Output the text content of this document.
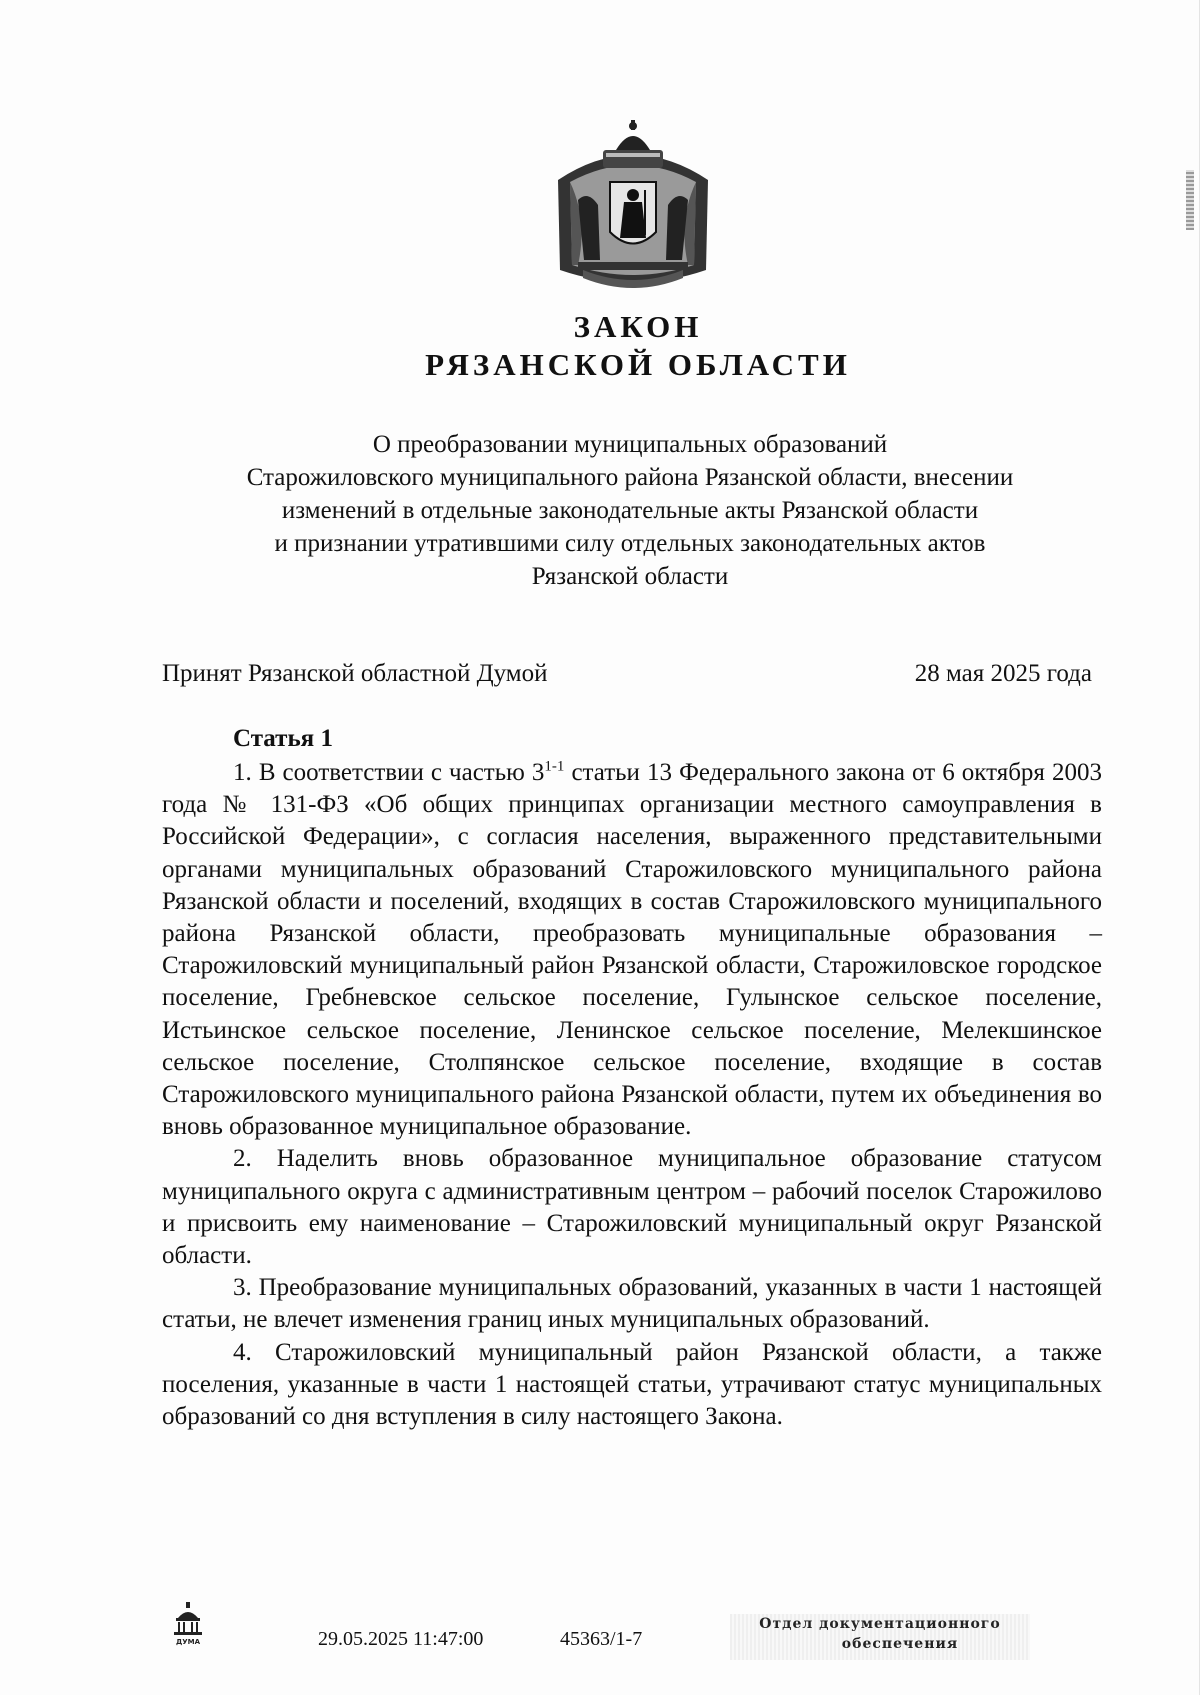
ЗАКОН
РЯЗАНСКОЙ ОБЛАСТИ
О преобразовании муниципальных образований
Старожиловского муниципального района Рязанской области, внесении
изменений в отдельные законодательные акты Рязанской области
и признании утратившими силу отдельных законодательных актов
Рязанской области
Принят Рязанской областной Думой	28 мая 2025 года
Статья 1

1. В соответствии с частью 3$^{1-1}$ статьи 13 Федерального закона от 6 октября 2003 года № 131-ФЗ «Об общих принципах организации местного самоуправления в Российской Федерации», с согласия населения, выраженного представительными органами муниципальных образований Старожиловского муниципального района Рязанской области и поселений, входящих в состав Старожиловского муниципального района Рязанской области, преобразовать муниципальные образования – Старожиловский муниципальный район Рязанской области, Старожиловское городское поселение, Гребневское сельское поселение, Гулынское сельское поселение, Истьинское сельское поселение, Ленинское сельское поселение, Мелекшинское сельское поселение, Столпянское сельское поселение, входящие в состав Старожиловского муниципального района Рязанской области, путем их объединения во вновь образованное муниципальное образование.

2. Наделить вновь образованное муниципальное образование статусом муниципального округа с административным центром – рабочий поселок Старожилово и присвоить ему наименование – Старожиловский муниципальный округ Рязанской области.

3. Преобразование муниципальных образований, указанных в части 1 настоящей статьи, не влечет изменения границ иных муниципальных образований.

4. Старожиловский муниципальный район Рязанской области, а также поселения, указанные в части 1 настоящей статьи, утрачивают статус муниципальных образований со дня вступления в силу настоящего Закона.

ДУМА	29.05.2025 11:47:00	45363/1-7
Отдел документационного
обеспечения
